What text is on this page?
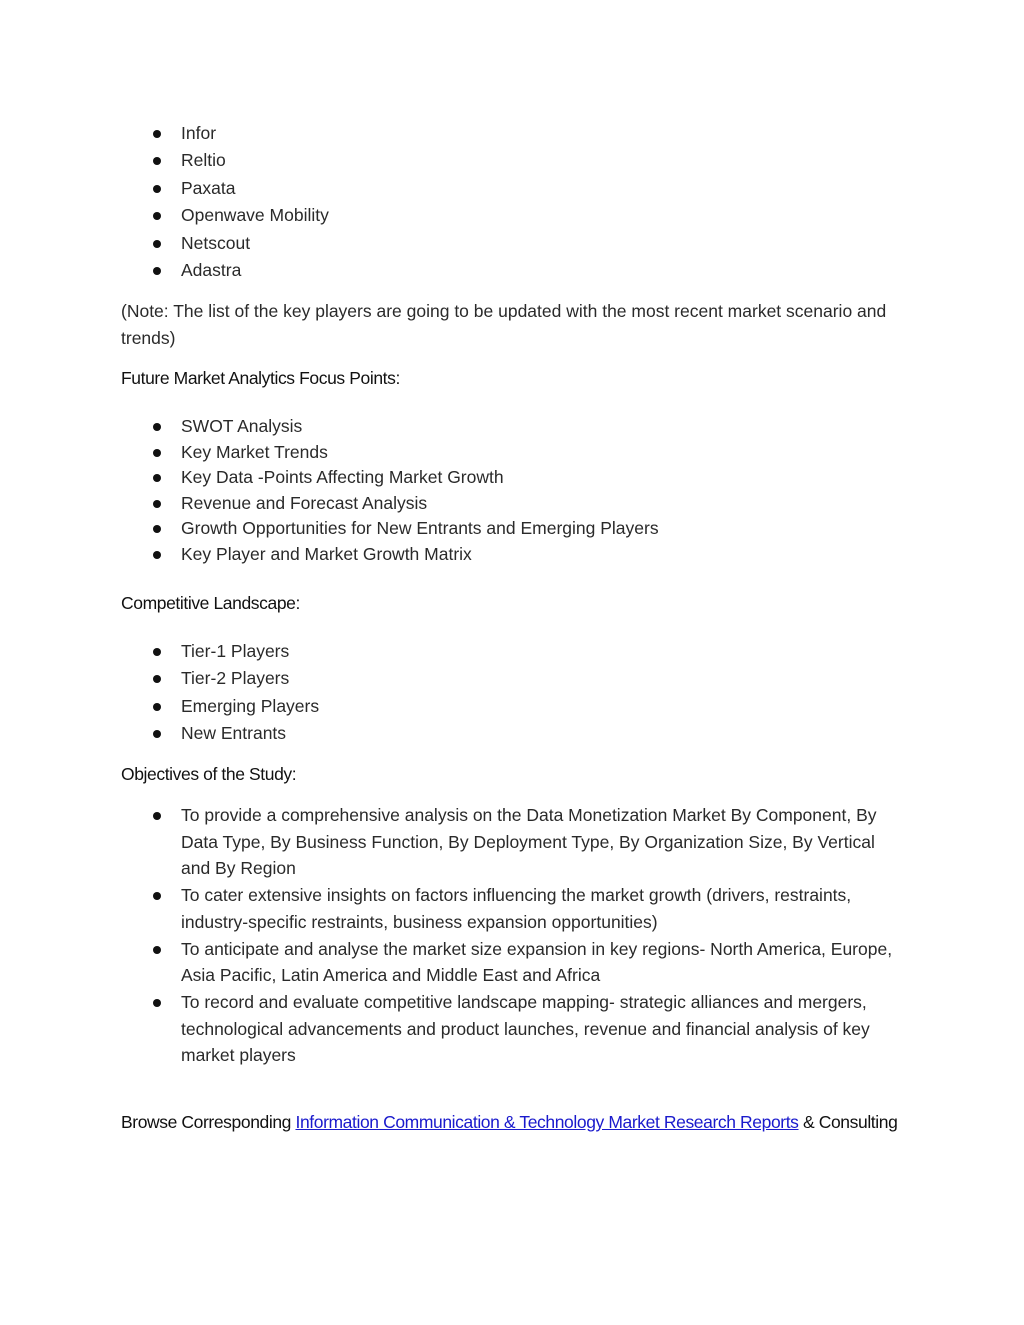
Infor
Reltio
Paxata
Openwave Mobility
Netscout
Adastra

(Note: The list of the key players are going to be updated with the most recent market scenario and trends)

Future Market Analytics Focus Points:

SWOT Analysis
Key Market Trends
Key Data -Points Affecting Market Growth
Revenue and Forecast Analysis
Growth Opportunities for New Entrants and Emerging Players
Key Player and Market Growth Matrix

Competitive Landscape:

Tier-1 Players
Tier-2 Players
Emerging Players
New Entrants

Objectives of the Study:

To provide a comprehensive analysis on the Data Monetization Market By Component, By Data Type, By Business Function, By Deployment Type, By Organization Size, By Vertical and By Region
To cater extensive insights on factors influencing the market growth (drivers, restraints, industry-specific restraints, business expansion opportunities)
To anticipate and analyse the market size expansion in key regions- North America, Europe, Asia Pacific, Latin America and Middle East and Africa
To record and evaluate competitive landscape mapping- strategic alliances and mergers, technological advancements and product launches, revenue and financial analysis of key market players

Browse Corresponding Information Communication & Technology Market Research Reports & Consulting
